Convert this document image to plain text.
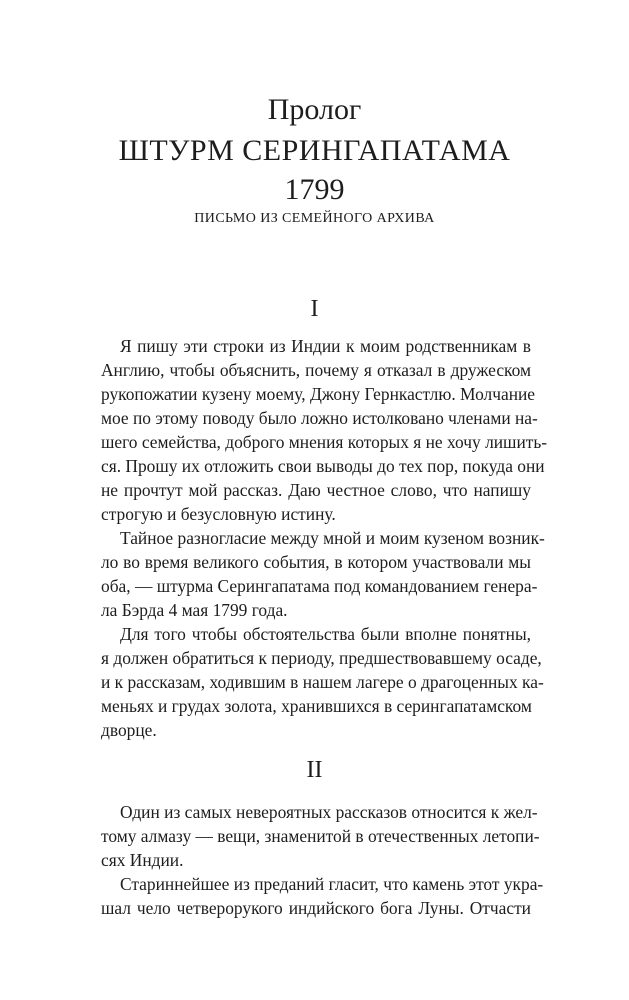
Пролог
ШТУРМ СЕРИНГАПАТАМА
1799
ПИСЬМО ИЗ СЕМЕЙНОГО АРХИВА
I
Я пишу эти строки из Индии к моим родственникам в
Англию, чтобы объяснить, почему я отказал в дружеском
рукопожатии кузену моему, Джону Гернкастлю. Молчание
мое по этому поводу было ложно истолковано членами на-
шего семейства, доброго мнения которых я не хочу лишить-
ся. Прошу их отложить свои выводы до тех пор, покуда они
не прочтут мой рассказ. Даю честное слово, что напишу
строгую и безусловную истину.
Тайное разногласие между мной и моим кузеном возник-
ло во время великого события, в котором участвовали мы
оба, — штурма Серингапатама под командованием генера-
ла Бэрда 4 мая 1799 года.
Для того чтобы обстоятельства были вполне понятны,
я должен обратиться к периоду, предшествовавшему осаде,
и к рассказам, ходившим в нашем лагере о драгоценных ка-
меньях и грудах золота, хранившихся в серингапатамском
дворце.
II
Один из самых невероятных рассказов относится к жел-
тому алмазу — вещи, знаменитой в отечественных летопи-
сях Индии.
Стариннейшее из преданий гласит, что камень этот укра-
шал чело четверорукого индийского бога Луны. Отчасти
